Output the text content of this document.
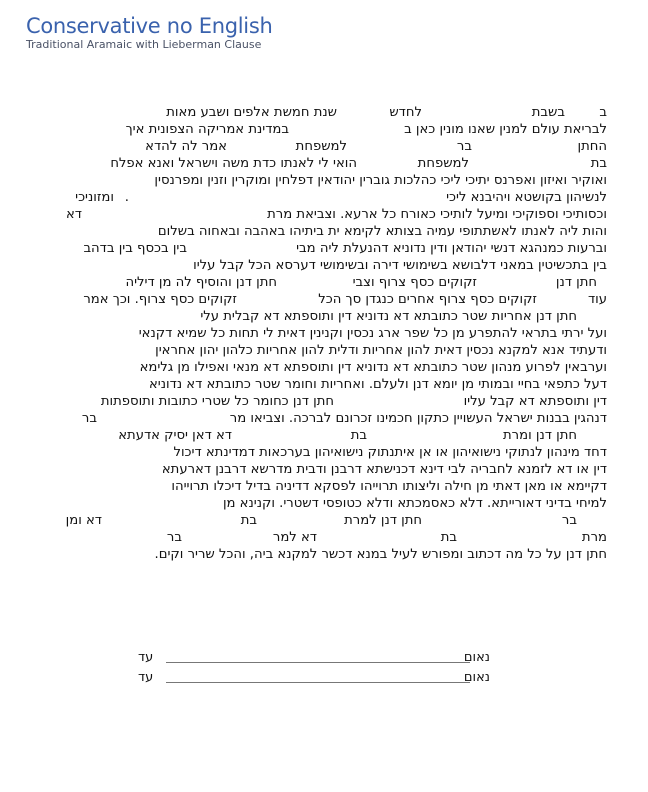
Conservative no English
Traditional Aramaic with Lieberman Clause
ב
בשבת
לחדש
שנת חמשת אלפים ושבע מאות
לבריאת עולם למנין שאנו מונין כאן ב
במדינת אמריקה הצפונית איך
החתן
בר
למשפחת
אמר לה להדא
בת
למשפחת
הואי לי לאנתו כדת משה וישראל ואנא אפלח
ואוקיר ואיזון ואפרנס יתיכי ליכי כהלכות גוברין יהודאין דפלחין ומוקרין וזנין ומפרנסין
לנשיהון בקושטא ויהיבנא ליכי
.
ומזוניכי
וכסותיכי וספוקיכי ומיעל לותיכי כאורח כל ארעא. וצביאת מרת
דא
והות ליה לאנתו לאשתתופי עמיה בצותא לקימא ית ביתיהו באהבה ובאחוה בשלום
וברעות כמנהגא דנשי יהודאן ודין נדוניא דהנעלת ליה מבי
בין בכסף בין בדהב
בין בתכשיטין במאני דלבושא בשימושי דירה ובשימושי דערסא הכל קבל עליו
חתן דנן
זקוקים כסף צרוף וצבי
חתן דנן והוסיף לה מן דיליה
עוד
זקוקים כסף צרוף אחרים כנגדן סך הכל
זקוקים כסף צרוף. וכך אמר
חתן דנן אחריות שטר כתובתא דא נדוניא דין ותוספתא דא קבלית עלי
ועל ירתי בתראי להתפרע מן כל שפר ארג נכסין וקנינין דאית לי תחות כל שמיא דקנאי
ודעתיד אנא למקנא נכסין דאית להון אחריות ודלית להון אחריות כלהון יהון אחראין
וערבאין לפרוע מנהון שטר כתובתא דא נדוניא דין ותוספתא דא מנאי ואפילו מן גלימא
דעל כתפאי בחיי ובמותי מן יומא דנן ולעלם. ואחריות וחומר שטר כתובתא דא נדוניא
דין ותוספתא דא קבל עליו
חתן דנן כחומר כל שטרי כתובות ותוספתות
דנהגין בבנות ישראל העשויין כתקון חכמינו זכרונם לברכה. וצביאו מר
בר
חתן דנן ומרת
בת
דא דאן יסיק אדעתא
דחד מינהון לנתוקי נישואיהון או אן איתנתוק נישואיהון בערכאות דמדינתא דיכול
דין או דא לזמנא לחבריה לבי דינא דכנישתא דרבנן ודבית מדרשא דרבנן דארעתא
דקיימא או מאן דאתי מן חילה וליצותו תרוייהו לפסקא דדיניה בדיל דיכלו תרוייהו
למיחי בדיני דאורייתא. דלא כאסמכתא ודלא כטופסי דשטרי. וקנינא מן
בר
חתן דנן למרת
בת
דא ומן
מרת
בת
דא למר
בר
חתן דנן על כל מה דכתוב ומפורש לעיל במנא דכשר למקנא ביה, והכל שריר וקים.
נאום
עד
נאום
עד
